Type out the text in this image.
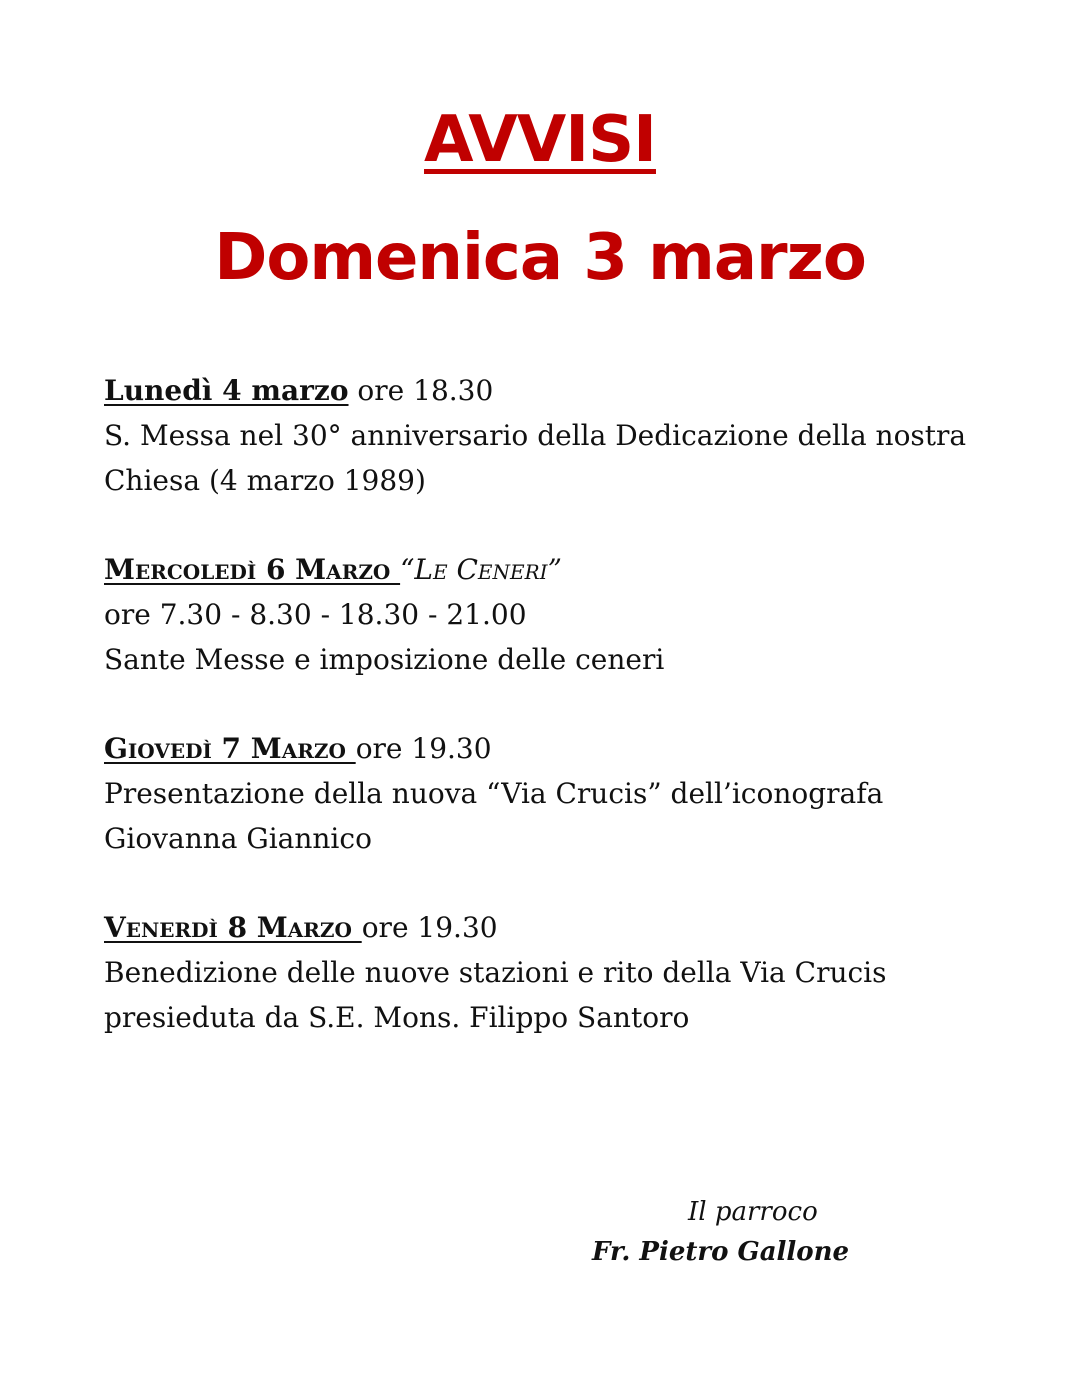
AVVISI
Domenica 3 marzo
Lunedì 4 marzo ore 18.30
S. Messa nel 30° anniversario della Dedicazione della nostra
Chiesa (4 marzo 1989)
Mercoledì 6 Marzo “Le Ceneri”
ore 7.30 - 8.30 - 18.30 - 21.00
Sante Messe e imposizione delle ceneri
Giovedì 7 Marzo ore 19.30
Presentazione della nuova “Via Crucis” dell’iconografa
Giovanna Giannico
Venerdì 8 Marzo ore 19.30
Benedizione delle nuove stazioni e rito della Via Crucis
presieduta da S.E. Mons. Filippo Santoro
Il parroco
Fr. Pietro Gallone
